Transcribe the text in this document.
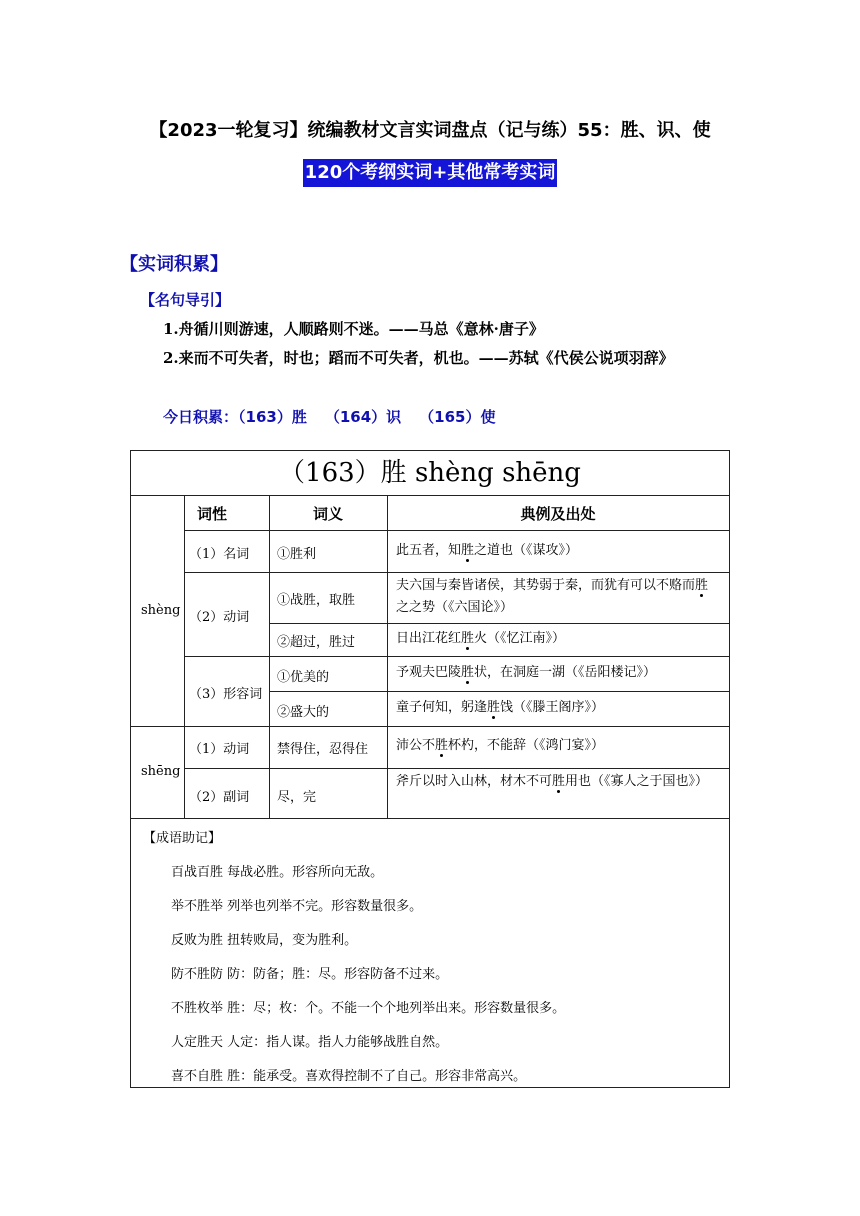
【2023一轮复习】统编教材文言实词盘点（记与练）55：胜、识、使
120个考纲实词+其他常考实词
【实词积累】
【名句导引】
1.舟循川则游速，人顺路则不迷。——马总《意林·唐子》
2.来而不可失者，时也；蹈而不可失者，机也。——苏轼《代侯公说项羽辞》
今日积累：（163）胜 （164）识 （165）使
（163）胜 shèng shēng
词性	词义	典例及出处
shèng
shēng
（1）名词
（2）动词
（3）形容词
（1）动词
（2）副词
①胜利
①战胜，取胜
②超过，胜过
①优美的
②盛大的
禁得住，忍得住
尽，完
此五者，知胜之道也（《谋攻》）
夫六国与秦皆诸侯，其势弱于秦，而犹有可以不赂而胜之之势（《六国论》）
日出江花红胜火（《忆江南》）
予观夫巴陵胜状，在洞庭一湖（《岳阳楼记》）
童子何知，躬逢胜饯（《滕王阁序》）
沛公不胜杯杓，不能辞（《鸿门宴》）
斧斤以时入山林，材木不可胜用也（《寡人之于国也》）
【成语助记】
百战百胜 每战必胜。形容所向无敌。
举不胜举 列举也列举不完。形容数量很多。
反败为胜 扭转败局，变为胜利。
防不胜防 防：防备；胜：尽。形容防备不过来。
不胜枚举 胜：尽；枚：个。不能一个个地列举出来。形容数量很多。
人定胜天 人定：指人谋。指人力能够战胜自然。
喜不自胜 胜：能承受。喜欢得控制不了自己。形容非常高兴。
